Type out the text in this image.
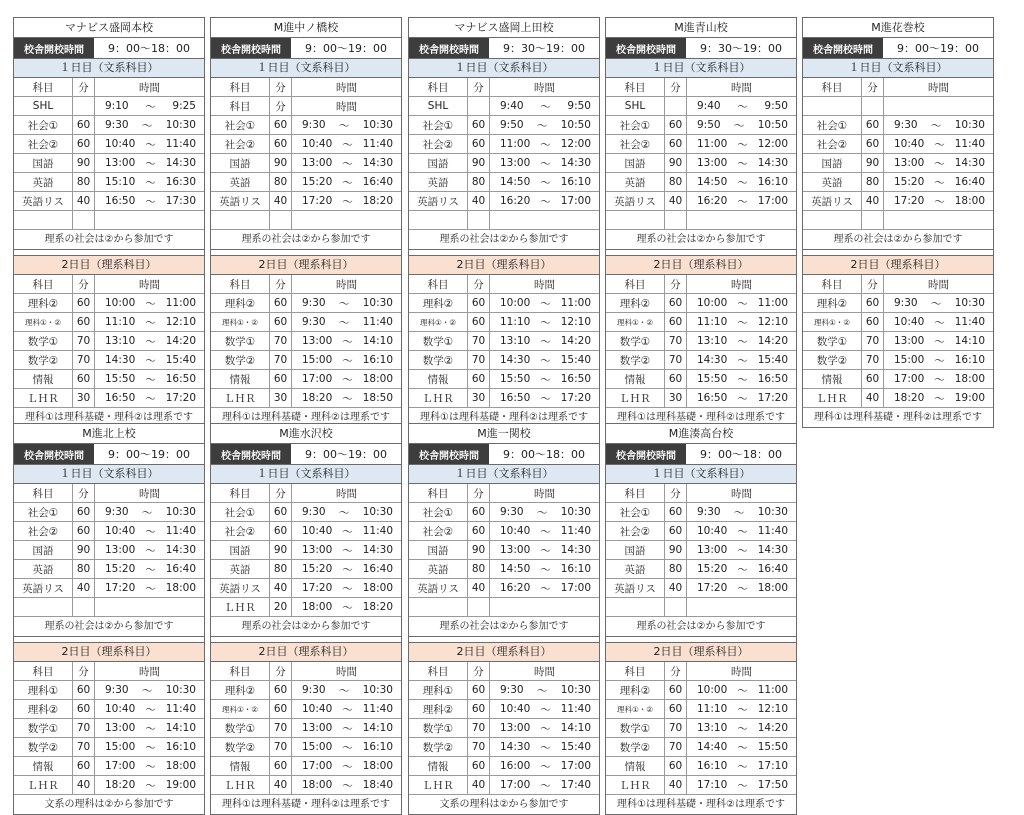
マナビス盛岡本校
校舎開校時間	9：00～18：00
１日目（文系科目）
科目	分	時間
SHL	9:10 ～ 9:25
社会①	60	9:30 ～ 10:30
社会②	60	10:40 ～ 11:40
国語	90	13:00 ～ 14:30
英語	80	15:10 ～ 16:30
英語リス	40	16:50 ～ 17:30
理系の社会は②から参加です
2日目（理系科目）
科目	分	時間
理科②	60	10:00 ～ 11:00
理科①・②	60	11:10 ～ 12:10
数学①	70	13:10 ～ 14:20
数学②	70	14:30 ～ 15:40
情報	60	15:50 ～ 16:50
ＬＨＲ	30	16:50 ～ 17:20
理科①は理科基礎・理科②は理系です
M進中ノ橋校
校舎開校時間	9：00～19：00
１日目（文系科目）
科目	分	時間
科目	分	時間
社会①	60	9:30 ～ 10:30
社会②	60	10:40 ～ 11:40
国語	90	13:00 ～ 14:30
英語	80	15:20 ～ 16:40
英語リス	40	17:20 ～ 18:20
理系の社会は②から参加です
2日目（理系科目）
科目	分	時間
理科②	60	9:30 ～ 10:30
理科①・②	60	9:30 ～ 11:40
数学①	70	13:00 ～ 14:10
数学②	70	15:00 ～ 16:10
情報	60	17:00 ～ 18:00
ＬＨＲ	30	18:20 ～ 18:50
理科①は理科基礎・理科②は理系です
マナビス盛岡上田校
校舎開校時間	9：30～19：00
１日目（文系科目）
科目	分	時間
SHL	9:40 ～ 9:50
社会①	60	9:50 ～ 10:50
社会②	60	11:00 ～ 12:00
国語	90	13:00 ～ 14:30
英語	80	14:50 ～ 16:10
英語リス	40	16:20 ～ 17:00
理系の社会は②から参加です
2日目（理系科目）
科目	分	時間
理科②	60	10:00 ～ 11:00
理科①・②	60	11:10 ～ 12:10
数学①	70	13:10 ～ 14:20
数学②	70	14:30 ～ 15:40
情報	60	15:50 ～ 16:50
ＬＨＲ	30	16:50 ～ 17:20
理科①は理科基礎・理科②は理系です
M進青山校
校舎開校時間	9：30～19：00
１日目（文系科目）
科目	分	時間
SHL	9:40 ～ 9:50
社会①	60	9:50 ～ 10:50
社会②	60	11:00 ～ 12:00
国語	90	13:00 ～ 14:30
英語	80	14:50 ～ 16:10
英語リス	40	16:20 ～ 17:00
理系の社会は②から参加です
2日目（理系科目）
科目	分	時間
理科②	60	10:00 ～ 11:00
理科①・②	60	11:10 ～ 12:10
数学①	70	13:10 ～ 14:20
数学②	70	14:30 ～ 15:40
情報	60	15:50 ～ 16:50
ＬＨＲ	30	16:50 ～ 17:20
理科①は理科基礎・理科②は理系です
M進花巻校
校舎開校時間	9：00～19：00
１日目（文系科目）
科目	分	時間
社会①	60	9:30 ～ 10:30
社会②	60	10:40 ～ 11:40
国語	90	13:00 ～ 14:30
英語	80	15:20 ～ 16:40
英語リス	40	17:20 ～ 18:00
理系の社会は②から参加です
2日目（理系科目）
科目	分	時間
理科②	60	9:30 ～ 10:30
理科①・②	60	10:40 ～ 11:40
数学①	70	13:00 ～ 14:10
数学②	70	15:00 ～ 16:10
情報	60	17:00 ～ 18:00
ＬＨＲ	40	18:20 ～ 19:00
理科①は理科基礎・理科②は理系です
M進北上校
校舎開校時間	9：00～19：00
１日目（文系科目）
科目	分	時間
社会①	60	9:30 ～ 10:30
社会②	60	10:40 ～ 11:40
国語	90	13:00 ～ 14:30
英語	80	15:20 ～ 16:40
英語リス	40	17:20 ～ 18:00
理系の社会は②から参加です
2日目（理系科目）
科目	分	時間
理科①	60	9:30 ～ 10:30
理科②	60	10:40 ～ 11:40
数学①	70	13:00 ～ 14:10
数学②	70	15:00 ～ 16:10
情報	60	17:00 ～ 18:00
ＬＨＲ	40	18:20 ～ 19:00
文系の理科は②から参加です
M進水沢校
校舎開校時間	9：00～19：00
１日目（文系科目）
科目	分	時間
社会①	60	9:30 ～ 10:30
社会②	60	10:40 ～ 11:40
国語	90	13:00 ～ 14:30
英語	80	15:20 ～ 16:40
英語リス	40	17:20 ～ 18:00
ＬＨＲ	20	18:00 ～ 18:20
理系の社会は②から参加です
2日目（理系科目）
科目	分	時間
理科②	60	9:30 ～ 10:30
理科①・②	60	10:40 ～ 11:40
数学①	70	13:00 ～ 14:10
数学②	70	15:00 ～ 16:10
情報	60	17:00 ～ 18:00
ＬＨＲ	40	18:00 ～ 18:40
理科①は理科基礎・理科②は理系です
M進一関校
校舎開校時間	9：00～18：00
１日目（文系科目）
科目	分	時間
社会①	60	9:30 ～ 10:30
社会②	60	10:40 ～ 11:40
国語	90	13:00 ～ 14:30
英語	80	14:50 ～ 16:10
英語リス	40	16:20 ～ 17:00
理系の社会は②から参加です
2日目（理系科目）
科目	分	時間
理科①	60	9:30 ～ 10:30
理科②	60	10:40 ～ 11:40
数学①	70	13:00 ～ 14:10
数学②	70	14:30 ～ 15:40
情報	60	16:00 ～ 17:00
ＬＨＲ	40	17:00 ～ 17:40
文系の理科は②から参加です
M進湊高台校
校舎開校時間	9：00～18：00
１日目（文系科目）
科目	分	時間
社会①	60	9:30 ～ 10:30
社会②	60	10:40 ～ 11:40
国語	90	13:00 ～ 14:30
英語	80	15:20 ～ 16:40
英語リス	40	17:20 ～ 18:00
理系の社会は②から参加です
2日目（理系科目）
科目	分	時間
理科②	60	10:00 ～ 11:00
理科①・②	60	11:10 ～ 12:10
数学①	70	13:10 ～ 14:20
数学②	70	14:40 ～ 15:50
情報	60	16:10 ～ 17:10
ＬＨＲ	40	17:10 ～ 17:50
理科①は理科基礎・理科②は理系です
